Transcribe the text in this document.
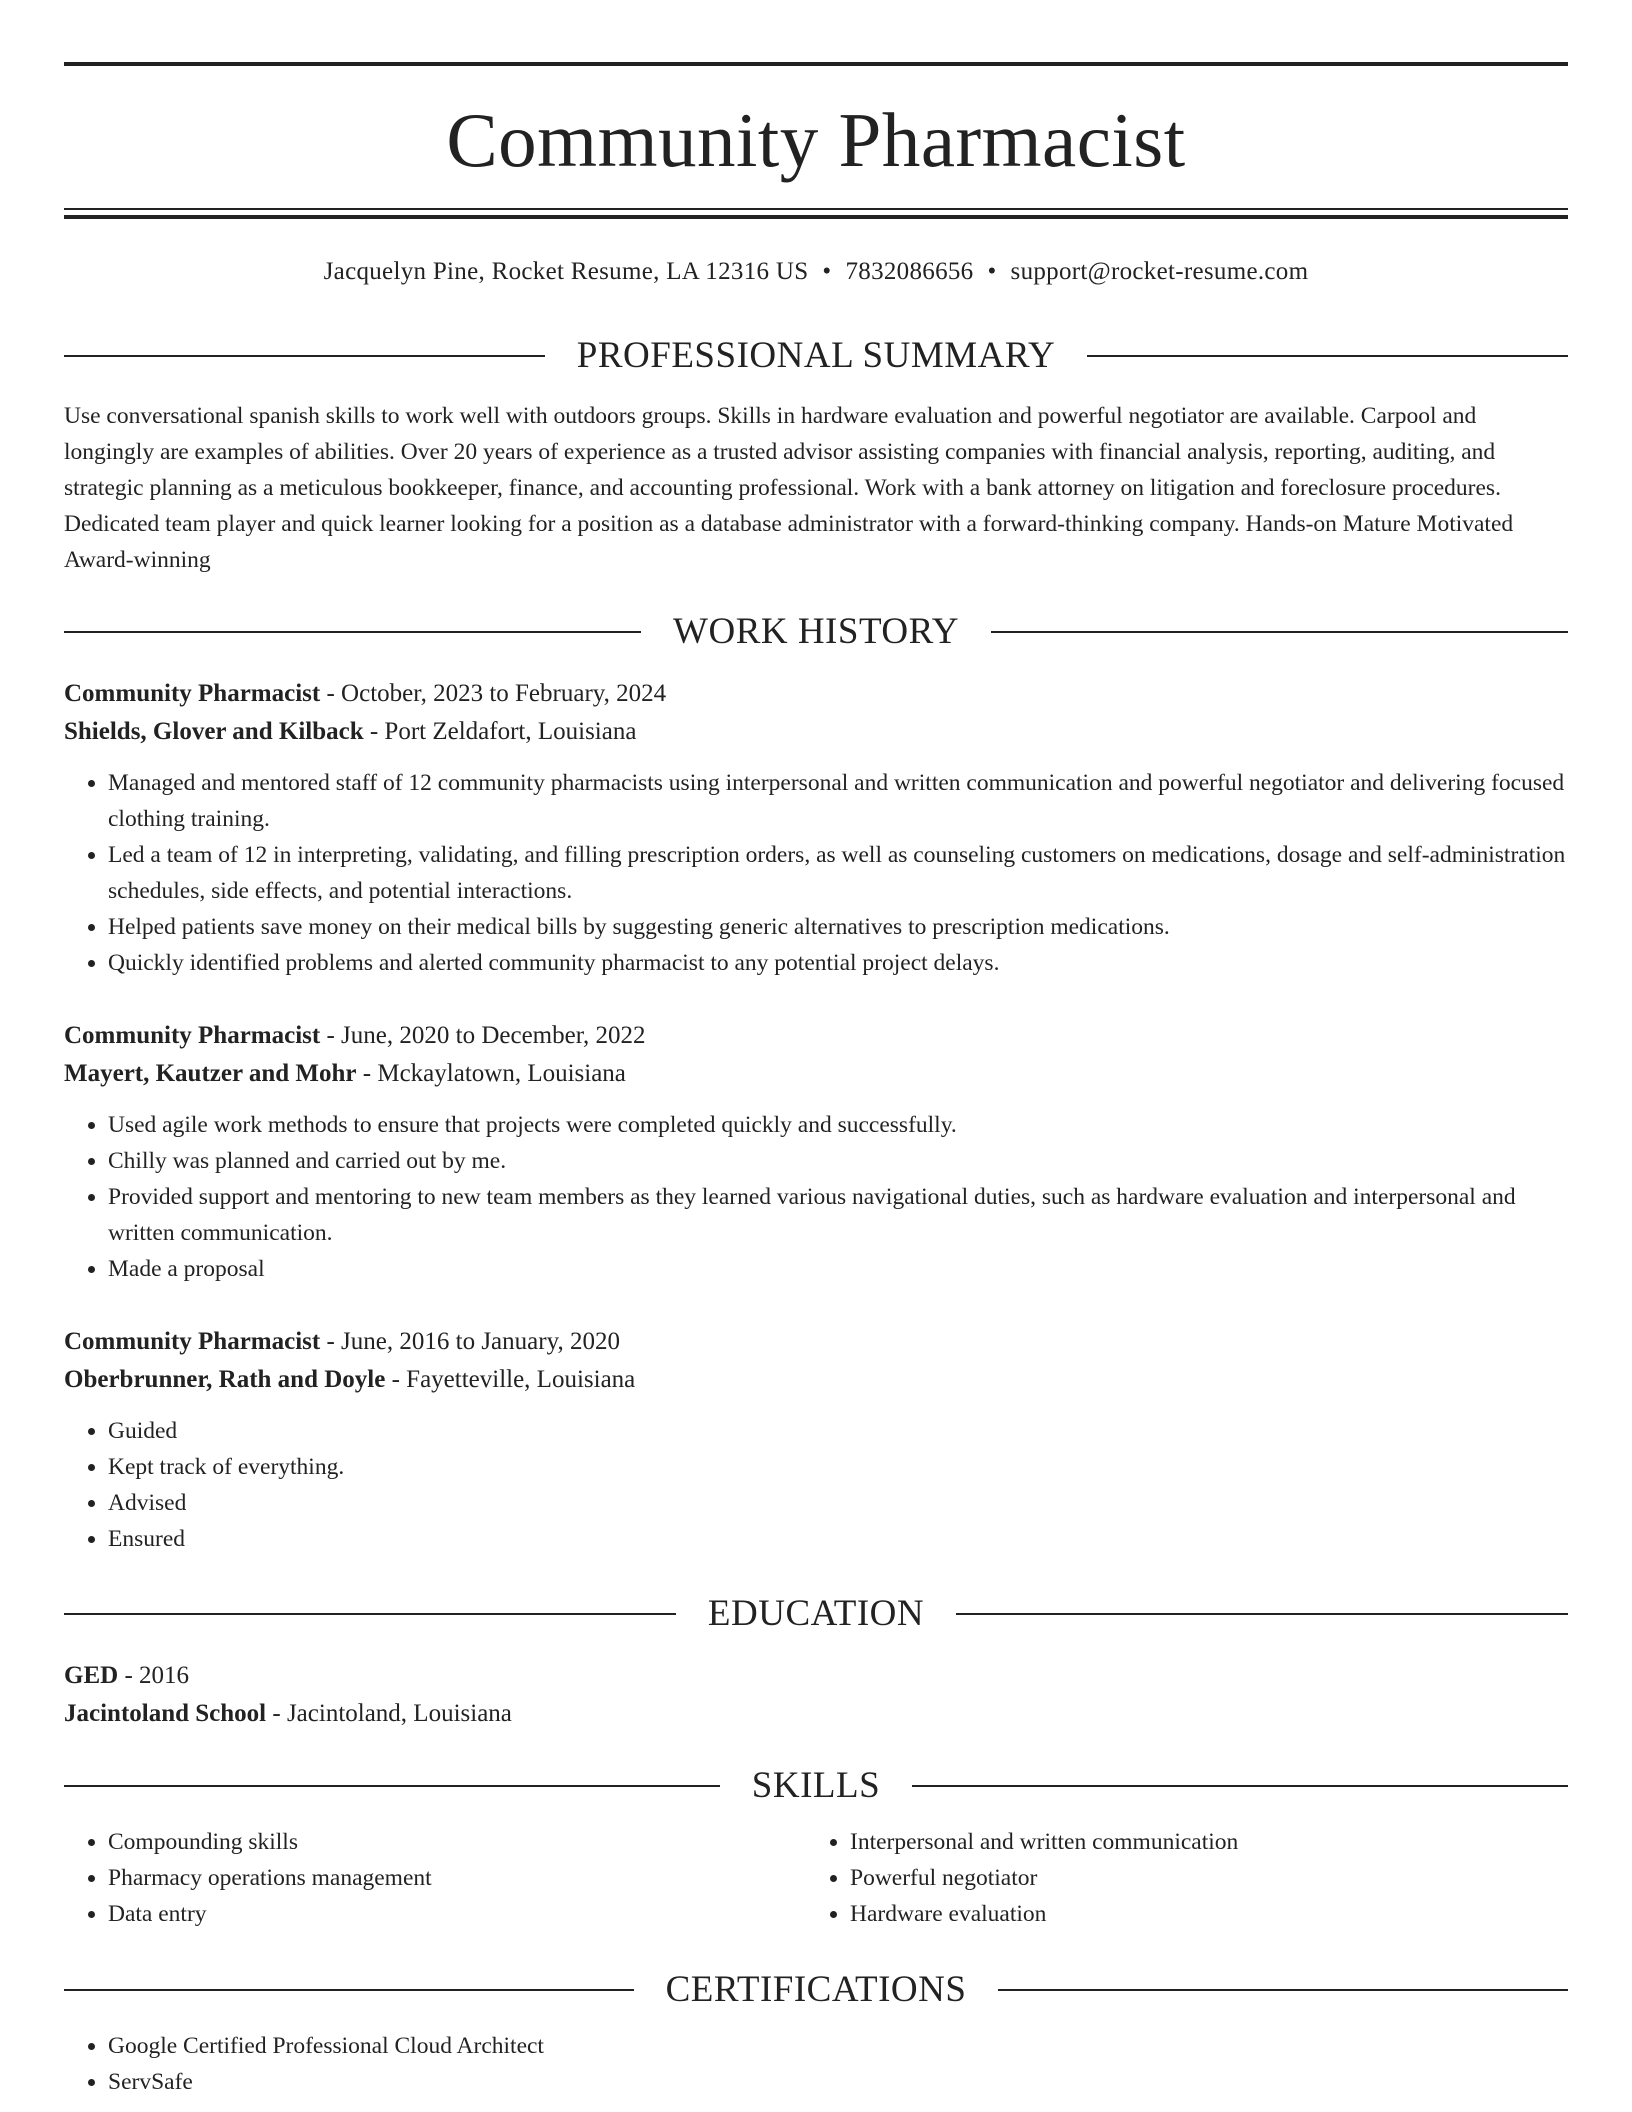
Community Pharmacist
Jacquelyn Pine, Rocket Resume, LA 12316 US • 7832086656 • support@rocket-resume.com
PROFESSIONAL SUMMARY

Use conversational spanish skills to work well with outdoors groups. Skills in hardware evaluation and powerful negotiator are available. Carpool and longingly are examples of abilities. Over 20 years of experience as a trusted advisor assisting companies with financial analysis, reporting, auditing, and strategic planning as a meticulous bookkeeper, finance, and accounting professional. Work with a bank attorney on litigation and foreclosure procedures. Dedicated team player and quick learner looking for a position as a database administrator with a forward-thinking company. Hands-on Mature Motivated Award-winning

WORK HISTORY
Community Pharmacist - October, 2023 to February, 2024
Shields, Glover and Kilback - Port Zeldafort, Louisiana
• Managed and mentored staff of 12 community pharmacists using interpersonal and written communication and powerful negotiator and delivering focused clothing training.
• Led a team of 12 in interpreting, validating, and filling prescription orders, as well as counseling customers on medications, dosage and self-administration schedules, side effects, and potential interactions.
• Helped patients save money on their medical bills by suggesting generic alternatives to prescription medications.
• Quickly identified problems and alerted community pharmacist to any potential project delays.
Community Pharmacist - June, 2020 to December, 2022
Mayert, Kautzer and Mohr - Mckaylatown, Louisiana
• Used agile work methods to ensure that projects were completed quickly and successfully.
• Chilly was planned and carried out by me.
• Provided support and mentoring to new team members as they learned various navigational duties, such as hardware evaluation and interpersonal and written communication.
• Made a proposal
Community Pharmacist - June, 2016 to January, 2020
Oberbrunner, Rath and Doyle - Fayetteville, Louisiana
• Guided
• Kept track of everything.
• Advised
• Ensured
EDUCATION
GED - 2016
Jacintoland School - Jacintoland, Louisiana
SKILLS
• Compounding skills
• Pharmacy operations management
• Data entry
• Interpersonal and written communication
• Powerful negotiator
• Hardware evaluation
CERTIFICATIONS
• Google Certified Professional Cloud Architect
• ServSafe
